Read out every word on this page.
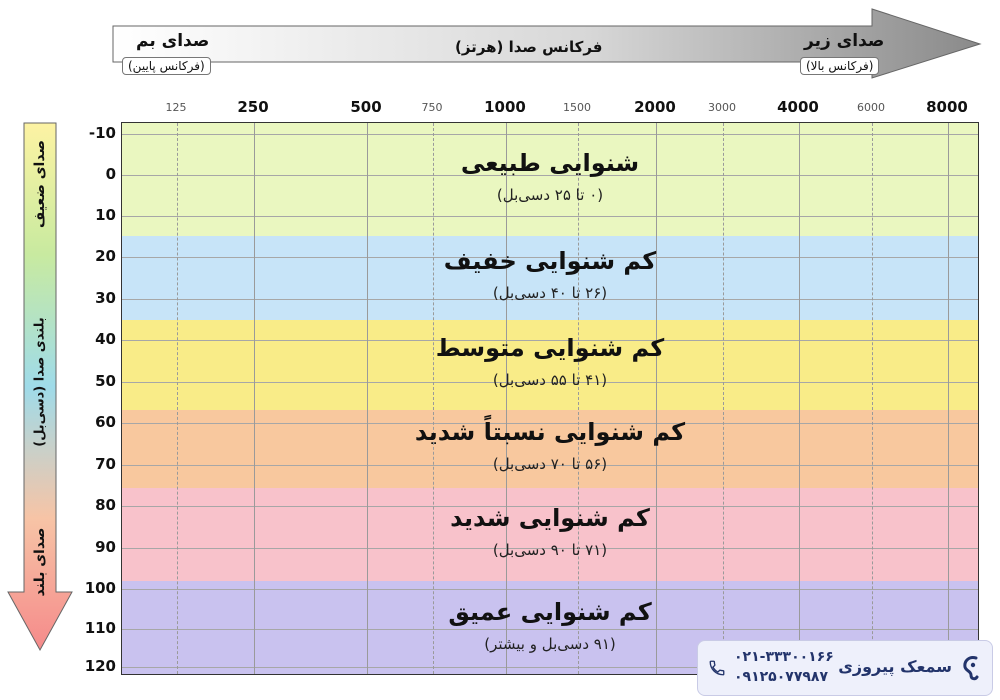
صدای بم
(فرکانس پایین)
فرکانس صدا (هرتز)	صدای زیر
(فرکانس بالا)
125	250	500	750	1000	1500	2000	3000	4000	6000	8000
صدای ضعیف
بلندی صدا (دسی‌بل)
صدای بلند
-10
0
10
20
30
40
50
60
70
80
90
100
110
120
شنوایی طبیعی
(۰ تا ۲۵ دسی‌بل)
کم شنوایی خفیف
(۲۶ تا ۴۰ دسی‌بل)
کم شنوایی متوسط
(۴۱ تا ۵۵ دسی‌بل)
کم شنوایی نسبتاً شدید
(۵۶ تا ۷۰ دسی‌بل)
کم شنوایی شدید
(۷۱ تا ۹۰ دسی‌بل)
کم شنوایی عمیق
(۹۱ دسی‌بل و بیشتر)
سمعک پیروزی
۰۲۱-۳۳۳۰۰۱۶۶
۰۹۱۲۵۰۷۷۹۸۷
